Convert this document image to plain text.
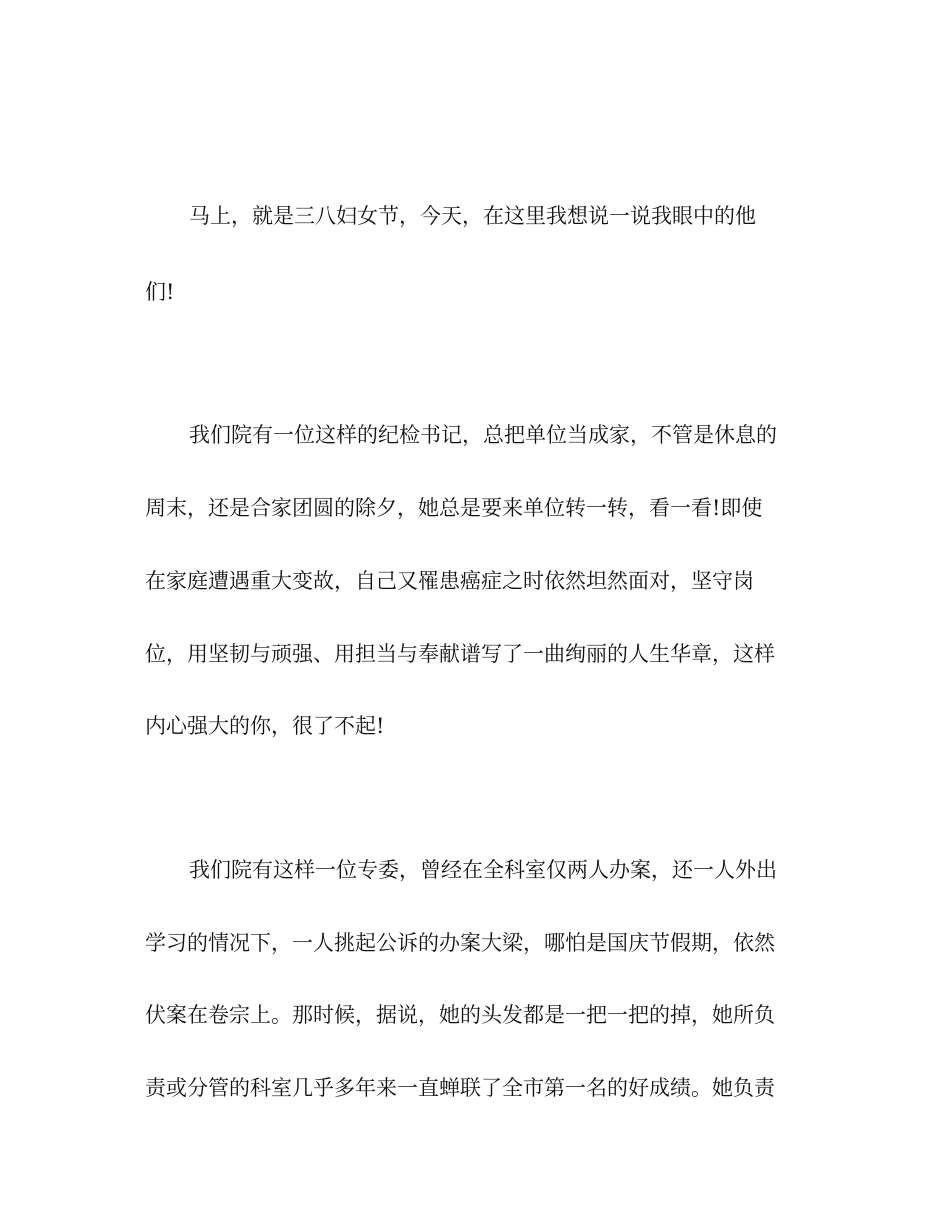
马上，就是三八妇女节，今天，在这里我想说一说我眼中的他
们!
我们院有一位这样的纪检书记，总把单位当成家，不管是休息的
周末，还是合家团圆的除夕，她总是要来单位转一转，看一看!即使
在家庭遭遇重大变故，自己又罹患癌症之时依然坦然面对，坚守岗
位，用坚韧与顽强、用担当与奉献谱写了一曲绚丽的人生华章，这样
内心强大的你，很了不起!
我们院有这样一位专委，曾经在全科室仅两人办案，还一人外出
学习的情况下，一人挑起公诉的办案大梁，哪怕是国庆节假期，依然
伏案在卷宗上。那时候，据说，她的头发都是一把一把的掉，她所负
责或分管的科室几乎多年来一直蝉联了全市第一名的好成绩。她负责
